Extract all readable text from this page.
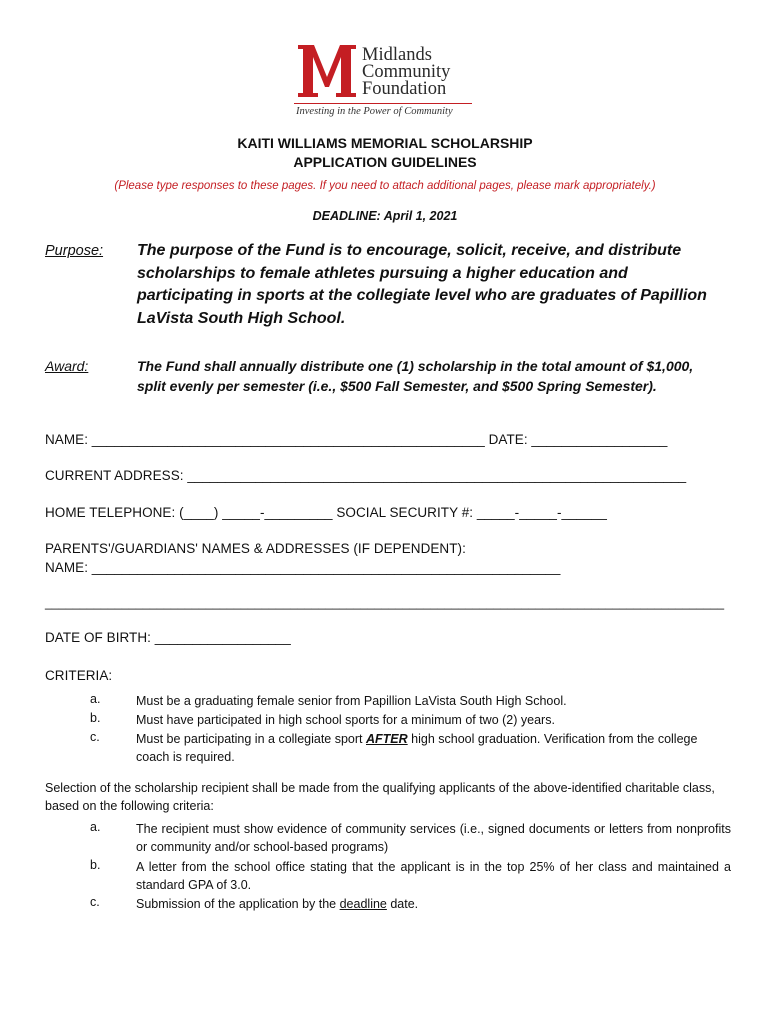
Midlands
Community
Foundation
Investing in the Power of Community
KAITI WILLIAMS MEMORIAL SCHOLARSHIP
APPLICATION GUIDELINES
(Please type responses to these pages. If you need to attach additional pages, please mark appropriately.)
DEADLINE: April 1, 2021
Purpose: The purpose of the Fund is to encourage, solicit, receive, and distribute scholarships to female athletes pursuing a higher education and participating in sports at the collegiate level who are graduates of Papillion LaVista South High School.
Award:	The Fund shall annually distribute one (1) scholarship in the total amount of $1,000, split evenly per semester (i.e., $500 Fall Semester, and $500 Spring Semester).
NAME: ____________________________________________________ DATE: __________________
CURRENT ADDRESS: __________________________________________________________________
HOME TELEPHONE: (____) _____-_________ SOCIAL SECURITY #: _____-_____-______
PARENTS'/GUARDIANS' NAMES & ADDRESSES (IF DEPENDENT):
NAME: ______________________________________________________________
_________________________________________________________________________________________________
DATE OF BIRTH: __________________
CRITERIA:
a.	Must be a graduating female senior from Papillion LaVista South High School.
b.	Must have participated in high school sports for a minimum of two (2) years.
c.	Must be participating in a collegiate sport AFTER high school graduation. Verification from the college coach is required.
Selection of the scholarship recipient shall be made from the qualifying applicants of the above-identified charitable class, based on the following criteria:
a.	The recipient must show evidence of community services (i.e., signed documents or letters from nonprofits or community and/or school-based programs)
b.	A letter from the school office stating that the applicant is in the top 25% of her class and maintained a standard GPA of 3.0.
c.	Submission of the application by the deadline date.
